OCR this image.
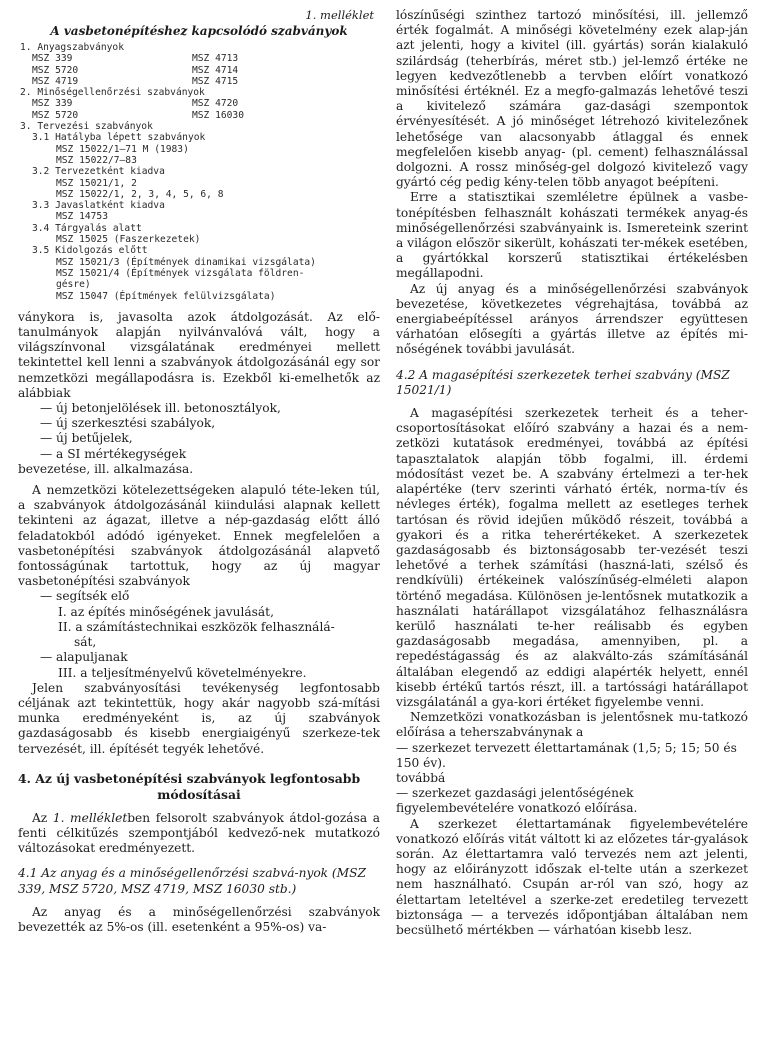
1. melléklet
A vasbetonépítéshez kapcsolódó szabványok
1. Anyagszabványok
MSZ 339	MSZ 4713
MSZ 5720	MSZ 4714
MSZ 4719	MSZ 4715
2. Minőségellenőrzési szabványok
MSZ 339	MSZ 4720
MSZ 5720	MSZ 16030
3. Tervezési szabványok
3.1 Hatályba lépett szabványok
MSZ 15022/1—71 M (1983)
MSZ 15022/7—83
3.2 Tervezetként kiadva
MSZ 15021/1, 2
MSZ 15022/1, 2, 3, 4, 5, 6, 8
3.3 Javaslatként kiadva
MSZ 14753
3.4 Tárgyalás alatt
MSZ 15025 (Faszerkezetek)
3.5 Kidolgozás előtt
MSZ 15021/3 (Építmények dinamikai vizsgálata)
MSZ 15021/4 (Építmények vizsgálata földren-
gésre)
MSZ 15047 (Építmények felülvizsgálata)

ványkora is, javasolta azok átdolgozását. Az elő-tanulmányok alapján nyilvánvalóvá vált, hogy a világszínvonal vizsgálatának eredményei mellett tekintettel kell lenni a szabványok átdolgozásánál egy sor nemzetközi megállapodásra is. Ezekből ki-emelhetők az alábbiak

— új betonjelölések ill. betonosztályok,
— új szerkesztési szabályok,
— új betűjelek,
— a SI mértékegységek
bevezetése, ill. alkalmazása.

A nemzetközi kötelezettségeken alapuló téte-leken túl, a szabványok átdolgozásánál kiindulási alapnak kellett tekinteni az ágazat, illetve a nép-gazdaság előtt álló feladatokból adódó igényeket. Ennek megfelelően a vasbetonépítési szabványok átdolgozásánál alapvető fontosságúnak tartottuk, hogy az új magyar vasbetonépítési szabványok

— segítsék elő
I. az építés minőségének javulását,
II. a számítástechnikai eszközök felhasználá-
sát,
— alapuljanak
III. a teljesítményelvű követelményekre.

Jelen szabványosítási tevékenység legfontosabb céljának azt tekintettük, hogy akár nagyobb szá-mítási munka eredményeként is, az új szabványok gazdaságosabb és kisebb energiaigényű szerkeze-tek tervezését, ill. építését tegyék lehetővé.

4. Az új vasbetonépítési szabványok legfontosabb
módosításai

Az 1. mellékletben felsorolt szabványok átdol-gozása a fenti célkitűzés szempontjából kedvező-nek mutatkozó változásokat eredményezett.

4.1 Az anyag és a minőségellenőrzési szabvá-nyok (MSZ 339, MSZ 5720, MSZ 4719, MSZ 16030 stb.)

Az anyag és a minőségellenőrzési szabványok bevezették az 5%-os (ill. esetenként a 95%-os) va-

lószínűségi szinthez tartozó minősítési, ill. jellemző érték fogalmát. A minőségi követelmény ezek alap-ján azt jelenti, hogy a kivitel (ill. gyártás) során kialakuló szilárdság (teherbírás, méret stb.) jel-lemző értéke ne legyen kedvezőtlenebb a tervben előírt vonatkozó minősítési értéknél. Ez a megfo-galmazás lehetővé teszi a kivitelező számára gaz-dasági szempontok érvényesítését. A jó minőséget létrehozó kivitelezőnek lehetősége van alacsonyabb átlaggal és ennek megfelelően kisebb anyag- (pl. cement) felhasználással dolgozni. A rossz minőség-gel dolgozó kivitelező vagy gyártó cég pedig kény-telen több anyagot beépíteni.

Erre a statisztikai szemléletre épülnek a vasbe-tonépítésben felhasznált kohászati termékek anyag-és minőségellenőrzési szabványaink is. Ismereteink szerint a világon először sikerült, kohászati ter-mékek esetében, a gyártókkal korszerű statisztikai értékelésben megállapodni.

Az új anyag és a minőségellenőrzési szabványok bevezetése, következetes végrehajtása, továbbá az energiabeépítéssel arányos árrendszer együttesen várhatóan elősegíti a gyártás illetve az építés mi-nőségének további javulását.

4.2 A magasépítési szerkezetek terhei szabvány (MSZ 15021/1)

A magasépítési szerkezetek terheit és a teher-csoportosításokat előíró szabvány a hazai és a nem-zetközi kutatások eredményei, továbbá az építési tapasztalatok alapján több fogalmi, ill. érdemi módosítást vezet be. A szabvány értelmezi a ter-hek alapértéke (terv szerinti várható érték, norma-tív és névleges érték), fogalma mellett az esetleges terhek tartósan és rövid idejűen működő részeit, továbbá a gyakori és a ritka teherértékeket. A szerkezetek gazdaságosabb és biztonságosabb ter-vezését teszi lehetővé a terhek számítási (haszná-lati, szélső és rendkívüli) értékeinek valószínűség-elméleti alapon történő megadása. Különösen je-lentősnek mutatkozik a használati határállapot vizsgálatához felhasználásra kerülő használati te-her reálisabb és egyben gazdaságosabb megadása, amennyiben, pl. a repedéstágasság és az alakválto-zás számításánál általában elegendő az eddigi alapérték helyett, ennél kisebb értékű tartós részt, ill. a tartóssági határállapot vizsgálatánál a gya-kori értéket figyelembe venni.

Nemzetközi vonatkozásban is jelentősnek mu-tatkozó előírása a teherszabványnak a

— szerkezet tervezett élettartamának (1,5; 5; 15; 50 és 150 év).
továbbá
— szerkezet gazdasági jelentőségének
figyelembevételére vonatkozó előírása.

A szerkezet élettartamának figyelembevételére vonatkozó előírás vitát váltott ki az előzetes tár-gyalások során. Az élettartamra való tervezés nem azt jelenti, hogy az előirányzott időszak el-telte után a szerkezet nem használható. Csupán ar-ról van szó, hogy az élettartam leteltével a szerke-zet eredetileg tervezett biztonsága — a tervezés időpontjában általában nem becsülhető mértékben — várhatóan kisebb lesz.
